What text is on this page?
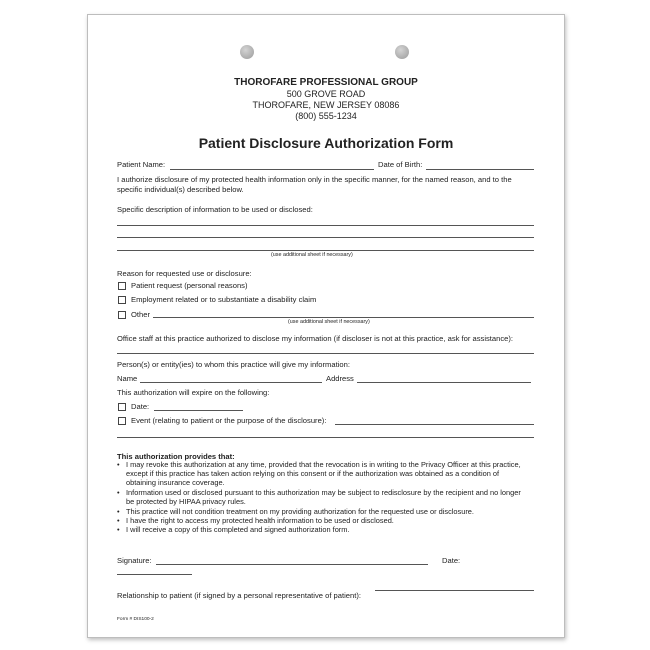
THOROFARE PROFESSIONAL GROUP
500 GROVE ROAD
THOROFARE, NEW JERSEY 08086
(800) 555-1234
Patient Disclosure Authorization Form
Patient Name:	Date of Birth:
I authorize disclosure of my protected health information only in the specific manner, for the named reason, and to the specific individual(s) described below.
Specific description of information to be used or disclosed:
(use additional sheet if necessary)
Reason for requested use or disclosure:
Patient request (personal reasons)
Employment related or to substantiate a disability claim
Other
(use additional sheet if necessary)
Office staff at this practice authorized to disclose my information (if discloser is not at this practice, ask for assistance):
Person(s) or entity(ies) to whom this practice will give my information:
Name	Address
This authorization will expire on the following:
Date:
Event (relating to patient or the purpose of the disclosure):
This authorization provides that:
• I may revoke this authorization at any time, provided that the revocation is in writing to the Privacy Officer at this practice, except if this practice has taken action relying on this consent or if the authorization was obtained as a condition of obtaining insurance coverage.
• Information used or disclosed pursuant to this authorization may be subject to redisclosure by the recipient and no longer be protected by HIPAA privacy rules.
• This practice will not condition treatment on my providing authorization for the requested use or disclosure.
• I have the right to access my protected health information to be used or disclosed.
• I will receive a copy of this completed and signed authorization form.
Signature:	Date:
Relationship to patient (if signed by a personal representative of patient):
Form # DIS100-2
